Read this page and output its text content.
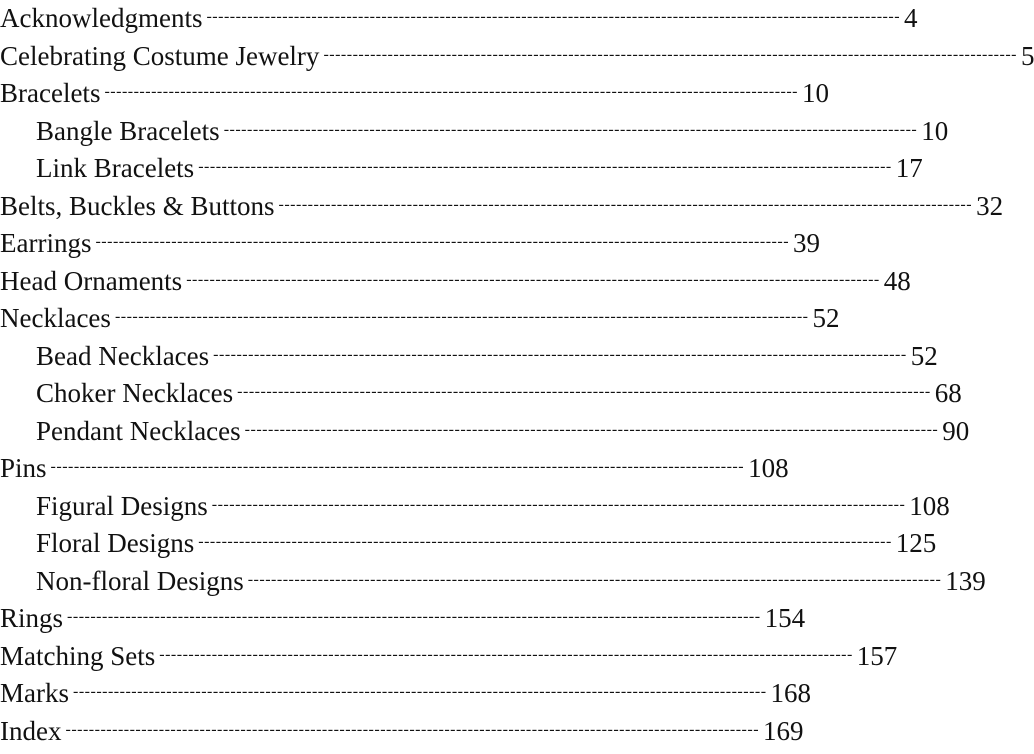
Acknowledgments ----------------------------------------------------------------------------------------------------------------------- 4
Celebrating Costume Jewelry ----------------------------------------------------------------------------------------------------------------------- 5
Bracelets ----------------------------------------------------------------------------------------------------------------------- 10
Bangle Bracelets ----------------------------------------------------------------------------------------------------------------------- 10
Link Bracelets ----------------------------------------------------------------------------------------------------------------------- 17
Belts, Buckles & Buttons ----------------------------------------------------------------------------------------------------------------------- 32
Earrings ----------------------------------------------------------------------------------------------------------------------- 39
Head Ornaments ----------------------------------------------------------------------------------------------------------------------- 48
Necklaces ----------------------------------------------------------------------------------------------------------------------- 52
Bead Necklaces ----------------------------------------------------------------------------------------------------------------------- 52
Choker Necklaces ----------------------------------------------------------------------------------------------------------------------- 68
Pendant Necklaces ----------------------------------------------------------------------------------------------------------------------- 90
Pins ----------------------------------------------------------------------------------------------------------------------- 108
Figural Designs ----------------------------------------------------------------------------------------------------------------------- 108
Floral Designs ----------------------------------------------------------------------------------------------------------------------- 125
Non-floral Designs ----------------------------------------------------------------------------------------------------------------------- 139
Rings ----------------------------------------------------------------------------------------------------------------------- 154
Matching Sets ----------------------------------------------------------------------------------------------------------------------- 157
Marks ----------------------------------------------------------------------------------------------------------------------- 168
Index ----------------------------------------------------------------------------------------------------------------------- 169
